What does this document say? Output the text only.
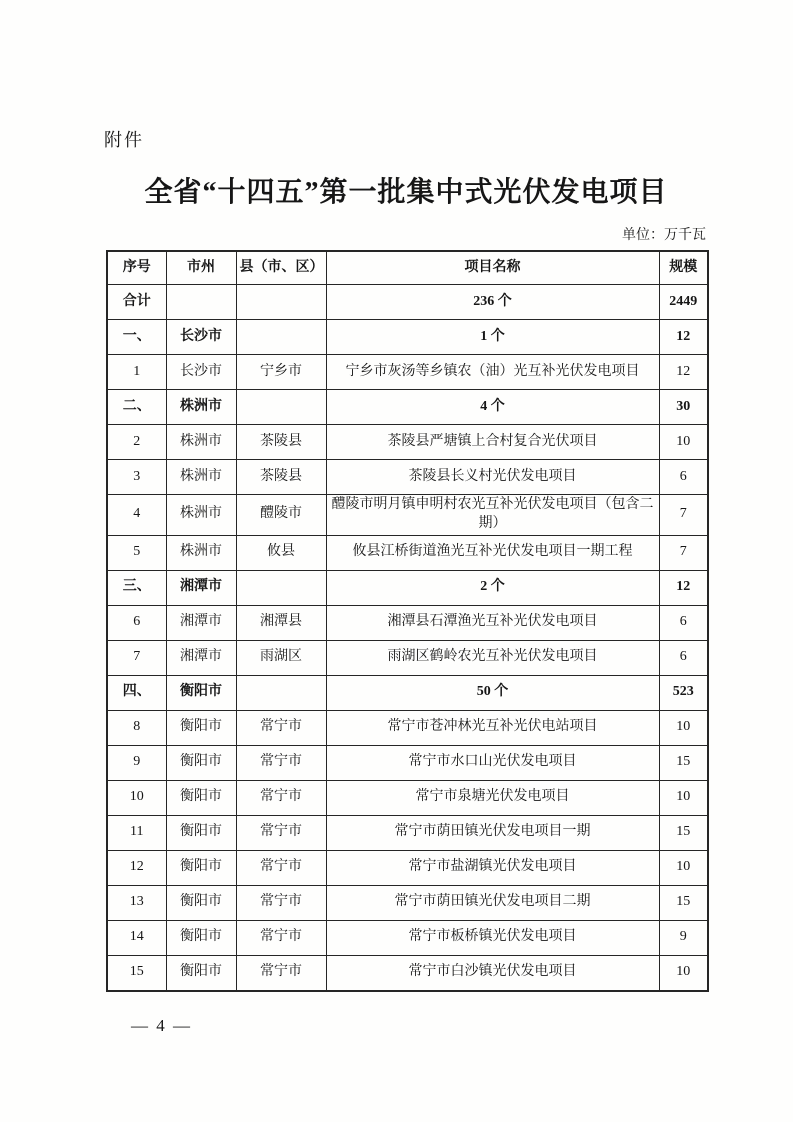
附件
全省“十四五”第一批集中式光伏发电项目
单位：万千瓦
序号	市州	县（市、区）	项目名称	规模
合计			236 个	2449
一、	长沙市		1 个	12
1	长沙市	宁乡市	宁乡市灰汤等乡镇农（油）光互补光伏发电项目	12
二、	株洲市		4 个	30
2	株洲市	茶陵县	茶陵县严塘镇上合村复合光伏项目	10
3	株洲市	茶陵县	茶陵县长义村光伏发电项目	6
4	株洲市	醴陵市	醴陵市明月镇申明村农光互补光伏发电项目（包含二期）	7
5	株洲市	攸县	攸县江桥街道渔光互补光伏发电项目一期工程	7
三、	湘潭市		2 个	12
6	湘潭市	湘潭县	湘潭县石潭渔光互补光伏发电项目	6
7	湘潭市	雨湖区	雨湖区鹤岭农光互补光伏发电项目	6
四、	衡阳市		50 个	523
8	衡阳市	常宁市	常宁市苍冲林光互补光伏电站项目	10
9	衡阳市	常宁市	常宁市水口山光伏发电项目	15
10	衡阳市	常宁市	常宁市泉塘光伏发电项目	10
11	衡阳市	常宁市	常宁市荫田镇光伏发电项目一期	15
12	衡阳市	常宁市	常宁市盐湖镇光伏发电项目	10
13	衡阳市	常宁市	常宁市荫田镇光伏发电项目二期	15
14	衡阳市	常宁市	常宁市板桥镇光伏发电项目	9
15	衡阳市	常宁市	常宁市白沙镇光伏发电项目	10
— 4 —
